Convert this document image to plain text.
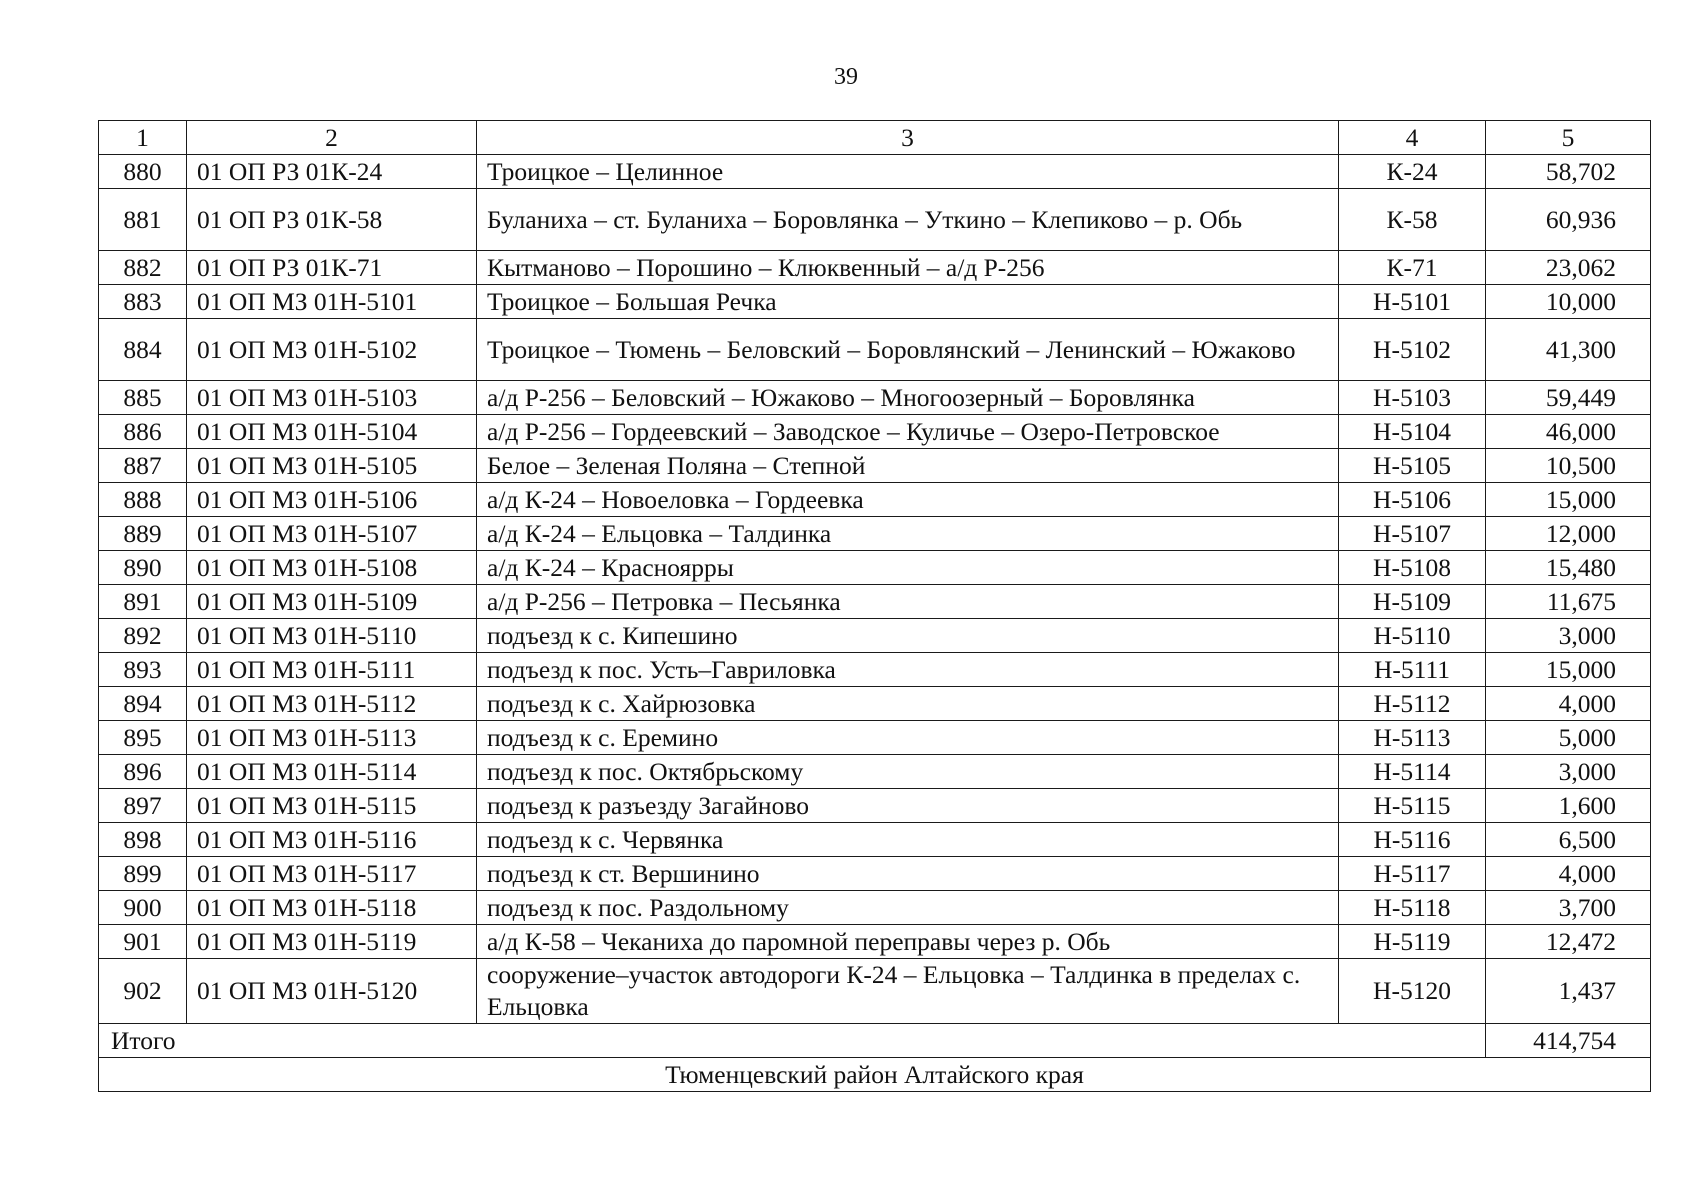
39
1	2	3	4	5
880	01 ОП РЗ 01К-24	Троицкое – Целинное	К-24	58,702
881	01 ОП РЗ 01К-58	Буланиха – ст. Буланиха – Боровлянка – Уткино – Клепиково – р. Обь	К-58	60,936
882	01 ОП РЗ 01К-71	Кытманово – Порошино – Клюквенный – а/д Р-256	К-71	23,062
883	01 ОП МЗ 01Н-5101	Троицкое – Большая Речка	Н-5101	10,000
884	01 ОП МЗ 01Н-5102	Троицкое – Тюмень – Беловский – Боровлянский – Ленинский – Южаково	Н-5102	41,300
885	01 ОП МЗ 01Н-5103	а/д Р-256 – Беловский – Южаково – Многоозерный – Боровлянка	Н-5103	59,449
886	01 ОП МЗ 01Н-5104	а/д Р-256 – Гордеевский – Заводское – Куличье – Озеро-Петровское	Н-5104	46,000
887	01 ОП МЗ 01Н-5105	Белое – Зеленая Поляна – Степной	Н-5105	10,500
888	01 ОП МЗ 01Н-5106	а/д К-24 – Новоеловка – Гордеевка	Н-5106	15,000
889	01 ОП МЗ 01Н-5107	а/д К-24 – Ельцовка – Талдинка	Н-5107	12,000
890	01 ОП МЗ 01Н-5108	а/д К-24 – Красноярры	Н-5108	15,480
891	01 ОП МЗ 01Н-5109	а/д Р-256 – Петровка – Песьянка	Н-5109	11,675
892	01 ОП МЗ 01Н-5110	подъезд к с. Кипешино	Н-5110	3,000
893	01 ОП МЗ 01Н-5111	подъезд к пос. Усть–Гавриловка	Н-5111	15,000
894	01 ОП МЗ 01Н-5112	подъезд к с. Хайрюзовка	Н-5112	4,000
895	01 ОП МЗ 01Н-5113	подъезд к с. Еремино	Н-5113	5,000
896	01 ОП МЗ 01Н-5114	подъезд к пос. Октябрьскому	Н-5114	3,000
897	01 ОП МЗ 01Н-5115	подъезд к разъезду Загайново	Н-5115	1,600
898	01 ОП МЗ 01Н-5116	подъезд к с. Червянка	Н-5116	6,500
899	01 ОП МЗ 01Н-5117	подъезд к ст. Вершинино	Н-5117	4,000
900	01 ОП МЗ 01Н-5118	подъезд к пос. Раздольному	Н-5118	3,700
901	01 ОП МЗ 01Н-5119	а/д К-58 – Чеканиха до паромной переправы через р. Обь	Н-5119	12,472
902	01 ОП МЗ 01Н-5120	сооружение–участок автодороги К-24 – Ельцовка – Талдинка в пределах с. Ельцовка	Н-5120	1,437
Итого				414,754
Тюменцевский район Алтайского края				
